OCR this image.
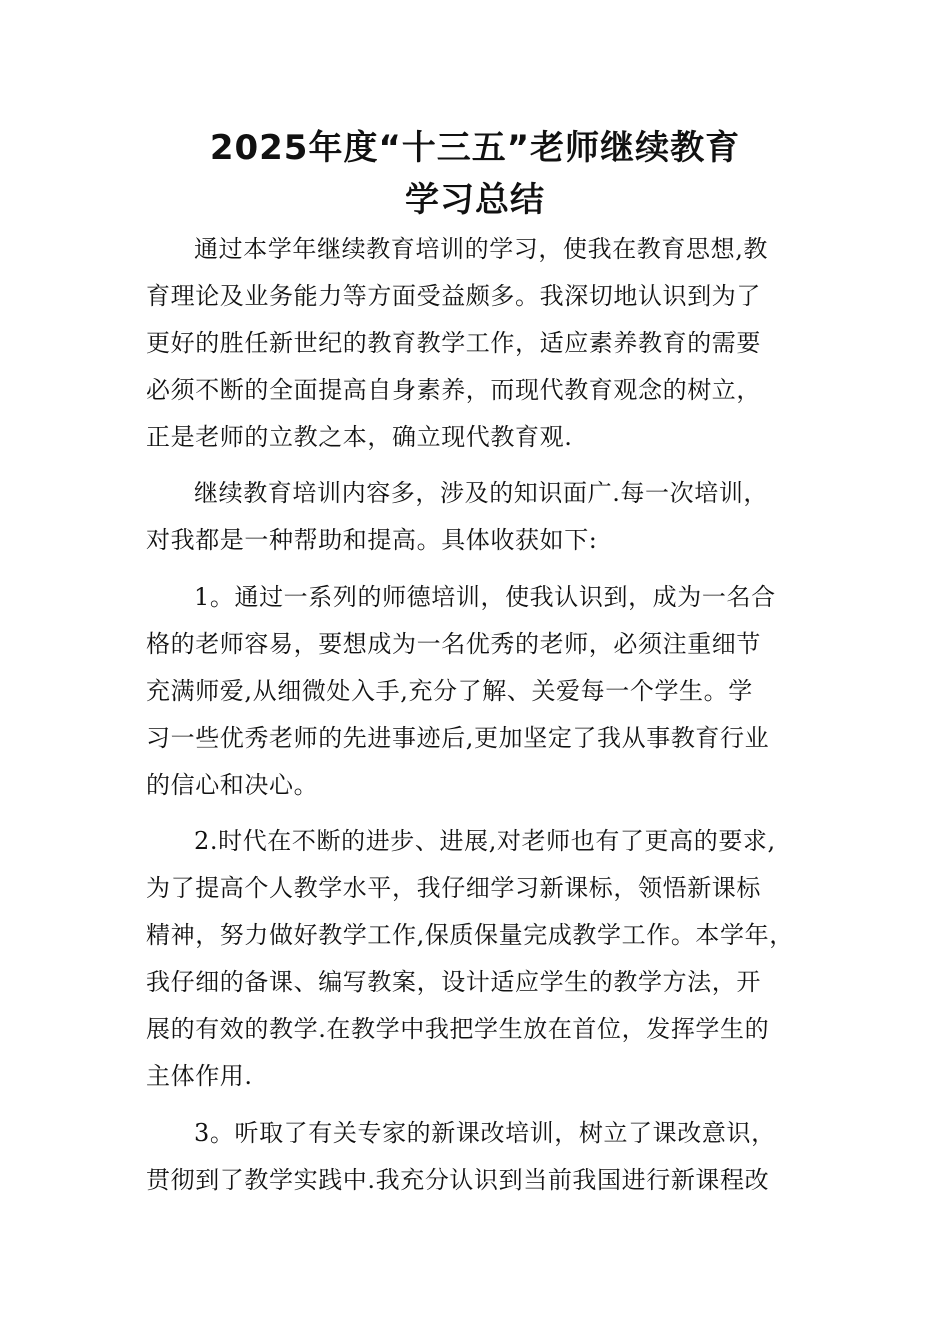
2025年度“十三五”老师继续教育
学习总结
通过本学年继续教育培训的学习，使我在教育思想,教
育理论及业务能力等方面受益颇多。我深切地认识到为了
更好的胜任新世纪的教育教学工作，适应素养教育的需要
必须不断的全面提高自身素养，而现代教育观念的树立，
正是老师的立教之本，确立现代教育观.
继续教育培训内容多，涉及的知识面广.每一次培训，
对我都是一种帮助和提高。具体收获如下:
1。通过一系列的师德培训，使我认识到，成为一名合
格的老师容易，要想成为一名优秀的老师，必须注重细节
充满师爱,从细微处入手,充分了解、关爱每一个学生。学
习一些优秀老师的先进事迹后,更加坚定了我从事教育行业
的信心和决心。
2.时代在不断的进步、进展,对老师也有了更高的要求,
为了提高个人教学水平，我仔细学习新课标，领悟新课标
精神，努力做好教学工作,保质保量完成教学工作。本学年，
我仔细的备课、编写教案，设计适应学生的教学方法，开
展的有效的教学.在教学中我把学生放在首位，发挥学生的
主体作用.
3。听取了有关专家的新课改培训，树立了课改意识，
贯彻到了教学实践中.我充分认识到当前我国进行新课程改
